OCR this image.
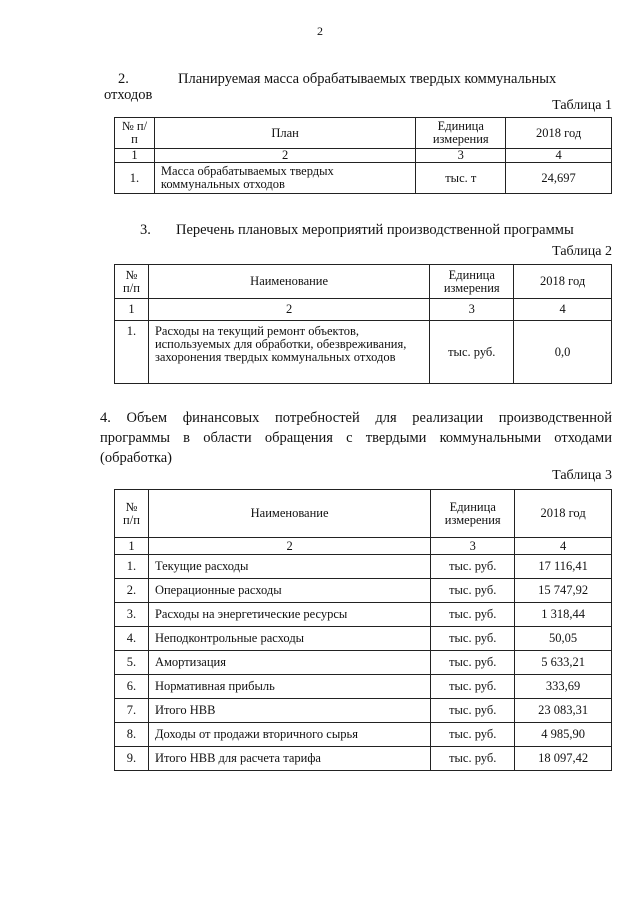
2
2.	Планируемая масса обрабатываемых твердых коммунальных
отходов
Таблица 1
№ п/п	План	Единица измерения	2018 год
1	2	3	4
1.	Масса обрабатываемых твердых коммунальных отходов	тыс. т	24,697
3. Перечень плановых мероприятий производственной программы
Таблица 2
№ п/п	Наименование	Единица измерения	2018 год
1	2	3	4
1.	Расходы на текущий ремонт объектов, используемых для обработки, обезвреживания, захоронения твердых коммунальных отходов	тыс. руб.	0,0
4. Объем финансовых потребностей для реализации производственной программы в области обращения с твердыми коммунальными отходами (обработка)
Таблица 3
№ п/п	Наименование	Единица измерения	2018 год
1	2	3	4
1.	Текущие расходы	тыс. руб.	17 116,41
2.	Операционные расходы	тыс. руб.	15 747,92
3.	Расходы на энергетические ресурсы	тыс. руб.	1 318,44
4.	Неподконтрольные расходы	тыс. руб.	50,05
5.	Амортизация	тыс. руб.	5 633,21
6.	Нормативная прибыль	тыс. руб.	333,69
7.	Итого НВВ	тыс. руб.	23 083,31
8.	Доходы от продажи вторичного сырья	тыс. руб.	4 985,90
9.	Итого НВВ для расчета тарифа	тыс. руб.	18 097,42
